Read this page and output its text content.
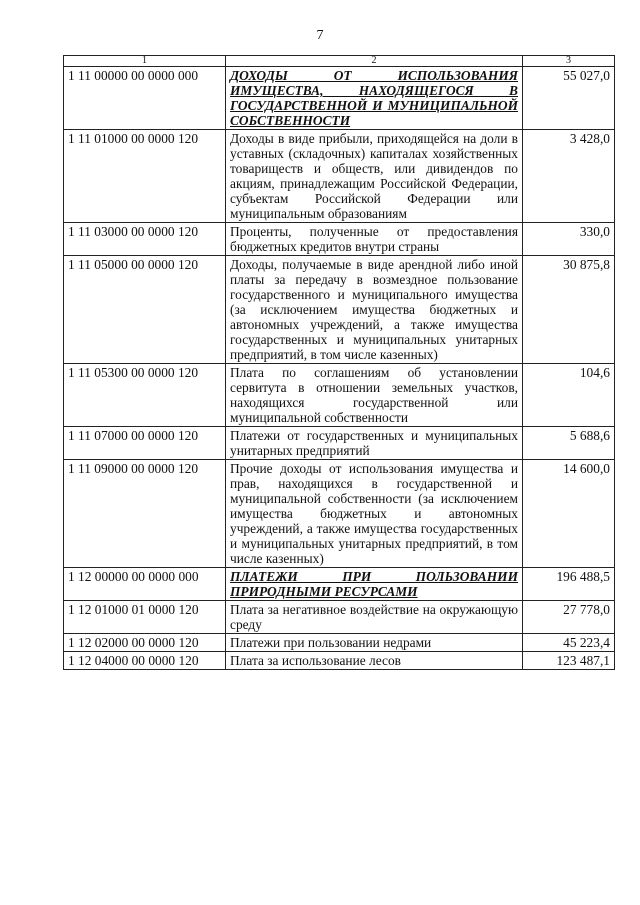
7
1	2	3
1 11 00000 00 0000 000	ДОХОДЫ ОТ ИСПОЛЬЗОВАНИЯ ИМУЩЕСТВА, НАХОДЯЩЕГОСЯ В ГОСУДАРСТВЕННОЙ И МУНИЦИПАЛЬНОЙ СОБСТВЕННОСТИ	55 027,0
1 11 01000 00 0000 120	Доходы в виде прибыли, приходящейся на доли в уставных (складочных) капиталах хозяйственных товариществ и обществ, или дивидендов по акциям, принадлежащим Российской Федерации, субъектам Российской Федерации или муниципальным образованиям	3 428,0
1 11 03000 00 0000 120	Проценты, полученные от предоставления бюджетных кредитов внутри страны	330,0
1 11 05000 00 0000 120	Доходы, получаемые в виде арендной либо иной платы за передачу в возмездное пользование государственного и муниципального имущества (за исключением имущества бюджетных и автономных учреждений, а также имущества государственных и муниципальных унитарных предприятий, в том числе казенных)	30 875,8
1 11 05300 00 0000 120	Плата по соглашениям об установлении сервитута в отношении земельных участков, находящихся государственной или муниципальной собственности	104,6
1 11 07000 00 0000 120	Платежи от государственных и муниципальных унитарных предприятий	5 688,6
1 11 09000 00 0000 120	Прочие доходы от использования имущества и прав, находящихся в государственной и муниципальной собственности (за исключением имущества бюджетных и автономных учреждений, а также имущества государственных и муниципальных унитарных предприятий, в том числе казенных)	14 600,0
1 12 00000 00 0000 000	ПЛАТЕЖИ ПРИ ПОЛЬЗОВАНИИ ПРИРОДНЫМИ РЕСУРСАМИ	196 488,5
1 12 01000 01 0000 120	Плата за негативное воздействие на окружающую среду	27 778,0
1 12 02000 00 0000 120	Платежи при пользовании недрами	45 223,4
1 12 04000 00 0000 120	Плата за использование лесов	123 487,1
